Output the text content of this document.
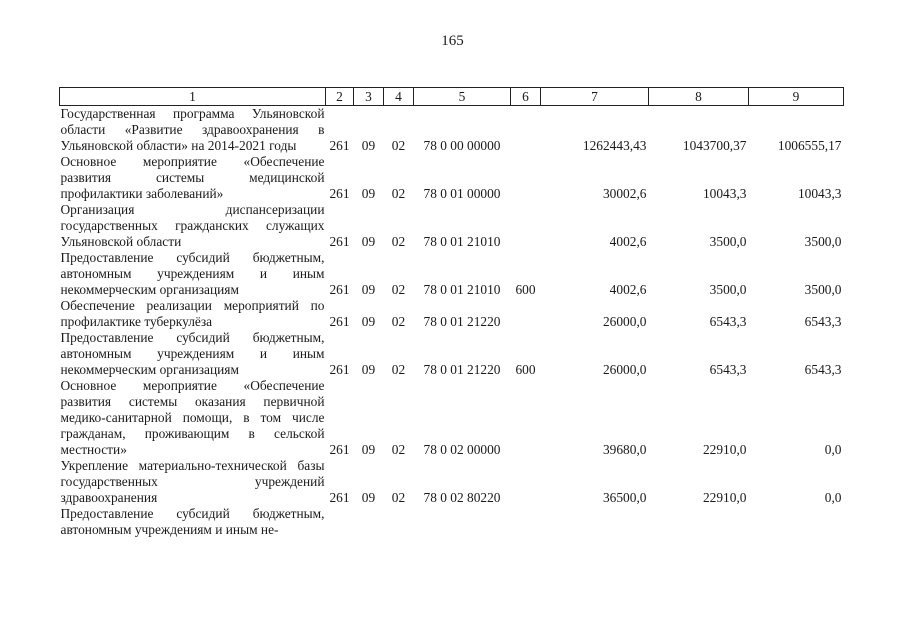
165
1	2	3	4	5	6	7	8	9
Государственная программа Ульяновской области «Развитие здравоохранения в Ульяновской области» на 2014-2021 годы	261	09	02	78 0 00 00000		1262443,43	1043700,37	1006555,17
Основное мероприятие «Обеспечение развития системы медицинской профилактики заболеваний»	261	09	02	78 0 01 00000		30002,6	10043,3	10043,3
Организация диспансеризации государственных гражданских служащих Ульяновской области	261	09	02	78 0 01 21010		4002,6	3500,0	3500,0
Предоставление субсидий бюджетным, автономным учреждениям и иным некоммерческим организациям	261	09	02	78 0 01 21010	600	4002,6	3500,0	3500,0
Обеспечение реализации мероприятий по профилактике туберкулёза	261	09	02	78 0 01 21220		26000,0	6543,3	6543,3
Предоставление субсидий бюджетным, автономным учреждениям и иным некоммерческим организациям	261	09	02	78 0 01 21220	600	26000,0	6543,3	6543,3
Основное мероприятие «Обеспечение развития системы оказания первичной медико-санитарной помощи, в том числе гражданам, проживающим в сельской местности»	261	09	02	78 0 02 00000		39680,0	22910,0	0,0
Укрепление материально-технической базы государственных учреждений здравоохранения	261	09	02	78 0 02 80220		36500,0	22910,0	0,0
Предоставление субсидий бюджетным, автономным учреждениям и иным не-								
